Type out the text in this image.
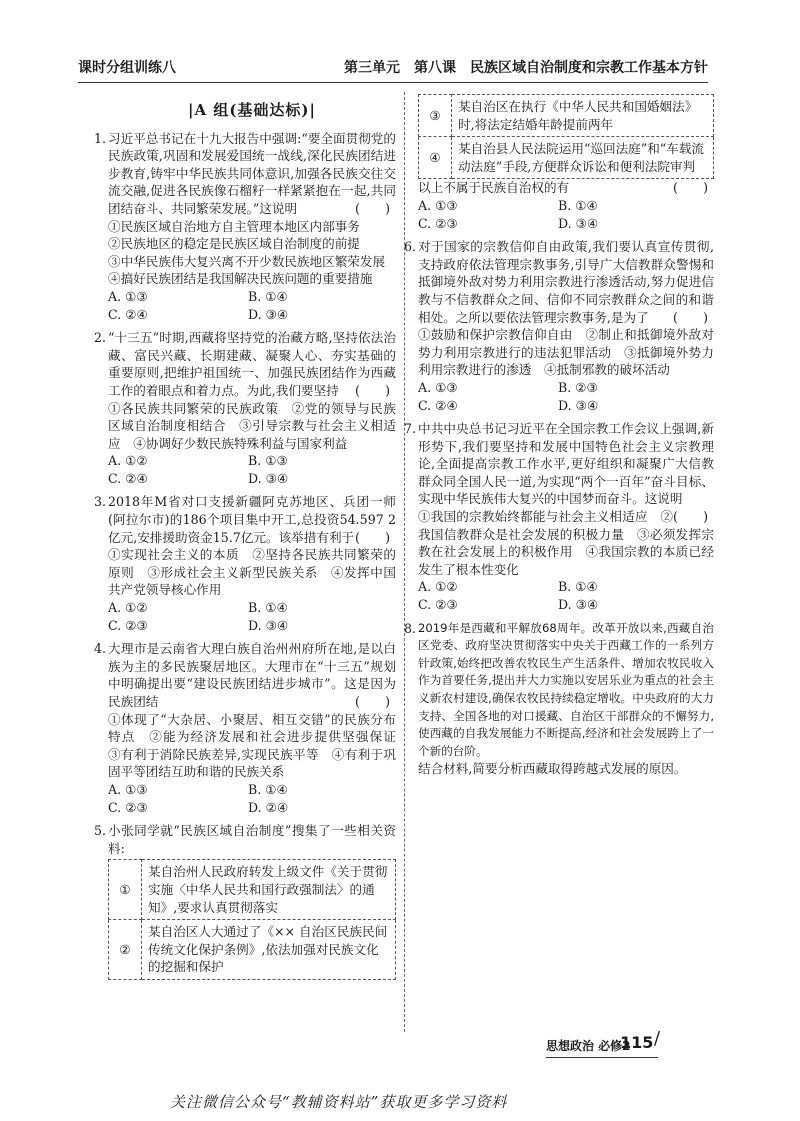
课时分组训练八	第三单元　第八课　民族区域自治制度和宗教工作基本方针
|A 组(基础达标)|
1. 习近平总书记在十九大报告中强调:“要全面贯彻党的民族政策,巩固和发展爱国统一战线,深化民族团结进步教育,铸牢中华民族共同体意识,加强各民族交往交流交融,促进各民族像石榴籽一样紧紧抱在一起,共同团结奋斗、共同繁荣发展。”这说明	(　　)
①民族区域自治地方自主管理本地区内部事务
②民族地区的稳定是民族区域自治制度的前提
③中华民族伟大复兴离不开少数民族地区繁荣发展
④搞好民族团结是我国解决民族问题的重要措施
A. ①③	B. ①④
C. ②④	D. ③④
2. “十三五”时期,西藏将坚持党的治藏方略,坚持依法治藏、富民兴藏、长期建藏、凝聚人心、夯实基础的重要原则,把维护祖国统一、加强民族团结作为西藏工作的着眼点和着力点。为此,我们要坚持 (　　)
①各民族共同繁荣的民族政策　②党的领导与民族区域自治制度相结合　③引导宗教与社会主义相适应　④协调好少数民族特殊利益与国家利益
A. ①②	B. ①③
C. ②④	D. ③④
3. 2018年M省对口支援新疆阿克苏地区、兵团一师(阿拉尔市)的186个项目集中开工,总投资54.597 2亿元,安排援助资金15.7亿元。该举措有利于 (　　)
①实现社会主义的本质　②坚持各民族共同繁荣的原则　③形成社会主义新型民族关系　④发挥中国共产党领导核心作用
A. ①②	B. ①④
C. ②③	D. ③④
4. 大理市是云南省大理白族自治州州府所在地,是以白族为主的多民族聚居地区。大理市在“十三五”规划中明确提出要“建设民族团结进步城市”。这是因为民族团结	(　　)
①体现了“大杂居、小聚居、相互交错”的民族分布特点　②能为经济发展和社会进步提供坚强保证　③有利于消除民族差异,实现民族平等　④有利于巩固平等团结互助和谐的民族关系
A. ①③	B. ①④
C. ②③	D. ②④
5. 小张同学就“民族区域自治制度”搜集了一些相关资料:
①	某自治州人民政府转发上级文件《关于贯彻实施〈中华人民共和国行政强制法〉的通知》,要求认真贯彻落实
②	某自治区人大通过了《×× 自治区民族民间传统文化保护条例》,依法加强对民族文化的挖掘和保护
③	某自治区在执行《中华人民共和国婚姻法》时,将法定结婚年龄提前两年
④	某自治县人民法院运用“巡回法庭”和“车载流动法庭”手段,方便群众诉讼和便利法院审判
以上不属于民族自治权的有	(　　)
A. ①③	B. ①④
C. ②③	D. ③④
6. 对于国家的宗教信仰自由政策,我们要认真宣传贯彻,支持政府依法管理宗教事务,引导广大信教群众警惕和抵御境外敌对势力利用宗教进行渗透活动,努力促进信教与不信教群众之间、信仰不同宗教群众之间的和谐相处。之所以要依法管理宗教事务,是为了 (　　)
①鼓励和保护宗教信仰自由　②制止和抵御境外敌对势力利用宗教进行的违法犯罪活动　③抵御境外势力利用宗教进行的渗透　④抵制邪教的破坏活动
A. ①③	B. ②③
C. ②④	D. ③④
7. 中共中央总书记习近平在全国宗教工作会议上强调,新形势下,我们要坚持和发展中国特色社会主义宗教理论,全面提高宗教工作水平,更好组织和凝聚广大信教群众同全国人民一道,为实现“两个一百年”奋斗目标、实现中华民族伟大复兴的中国梦而奋斗。这说明
(　　)
①我国的宗教始终都能与社会主义相适应　②我国信教群众是社会发展的积极力量　③必须发挥宗教在社会发展上的积极作用　④我国宗教的本质已经发生了根本性变化
A. ①②	B. ①④
C. ②③	D. ③④
8. 2019年是西藏和平解放68周年。改革开放以来,西藏自治区党委、政府坚决贯彻落实中央关于西藏工作的一系列方针政策,始终把改善农牧民生产生活条件、增加农牧民收入作为首要任务,提出并大力实施以安居乐业为重点的社会主义新农村建设,确保农牧民持续稳定增收。中央政府的大力支持、全国各地的对口援藏、自治区干部群众的不懈努力,使西藏的自我发展能力不断提高,经济和社会发展跨上了一个新的台阶。
结合材料,简要分析西藏取得跨越式发展的原因。
思想政治 必修2
115 /
关注微信公众号“教辅资料站”获取更多学习资料
